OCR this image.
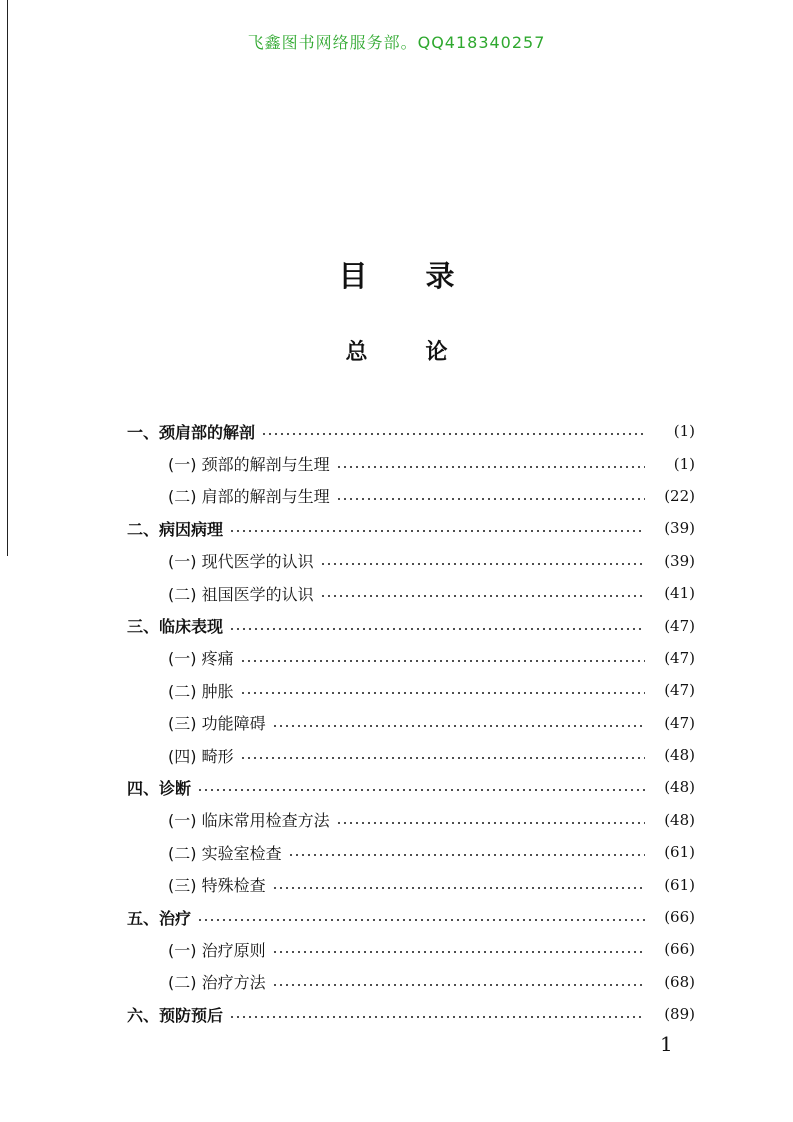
飞鑫图书网络服务部。QQ418340257
目录
总论
一、颈肩部的解剖	(1)
(一) 颈部的解剖与生理	(1)
(二) 肩部的解剖与生理	(22)
二、病因病理	(39)
(一) 现代医学的认识	(39)
(二) 祖国医学的认识	(41)
三、临床表现	(47)
(一) 疼痛	(47)
(二) 肿胀	(47)
(三) 功能障碍	(47)
(四) 畸形	(48)
四、诊断	(48)
(一) 临床常用检查方法	(48)
(二) 实验室检查	(61)
(三) 特殊检查	(61)
五、治疗	(66)
(一) 治疗原则	(66)
(二) 治疗方法	(68)
六、预防预后	(89)
1
